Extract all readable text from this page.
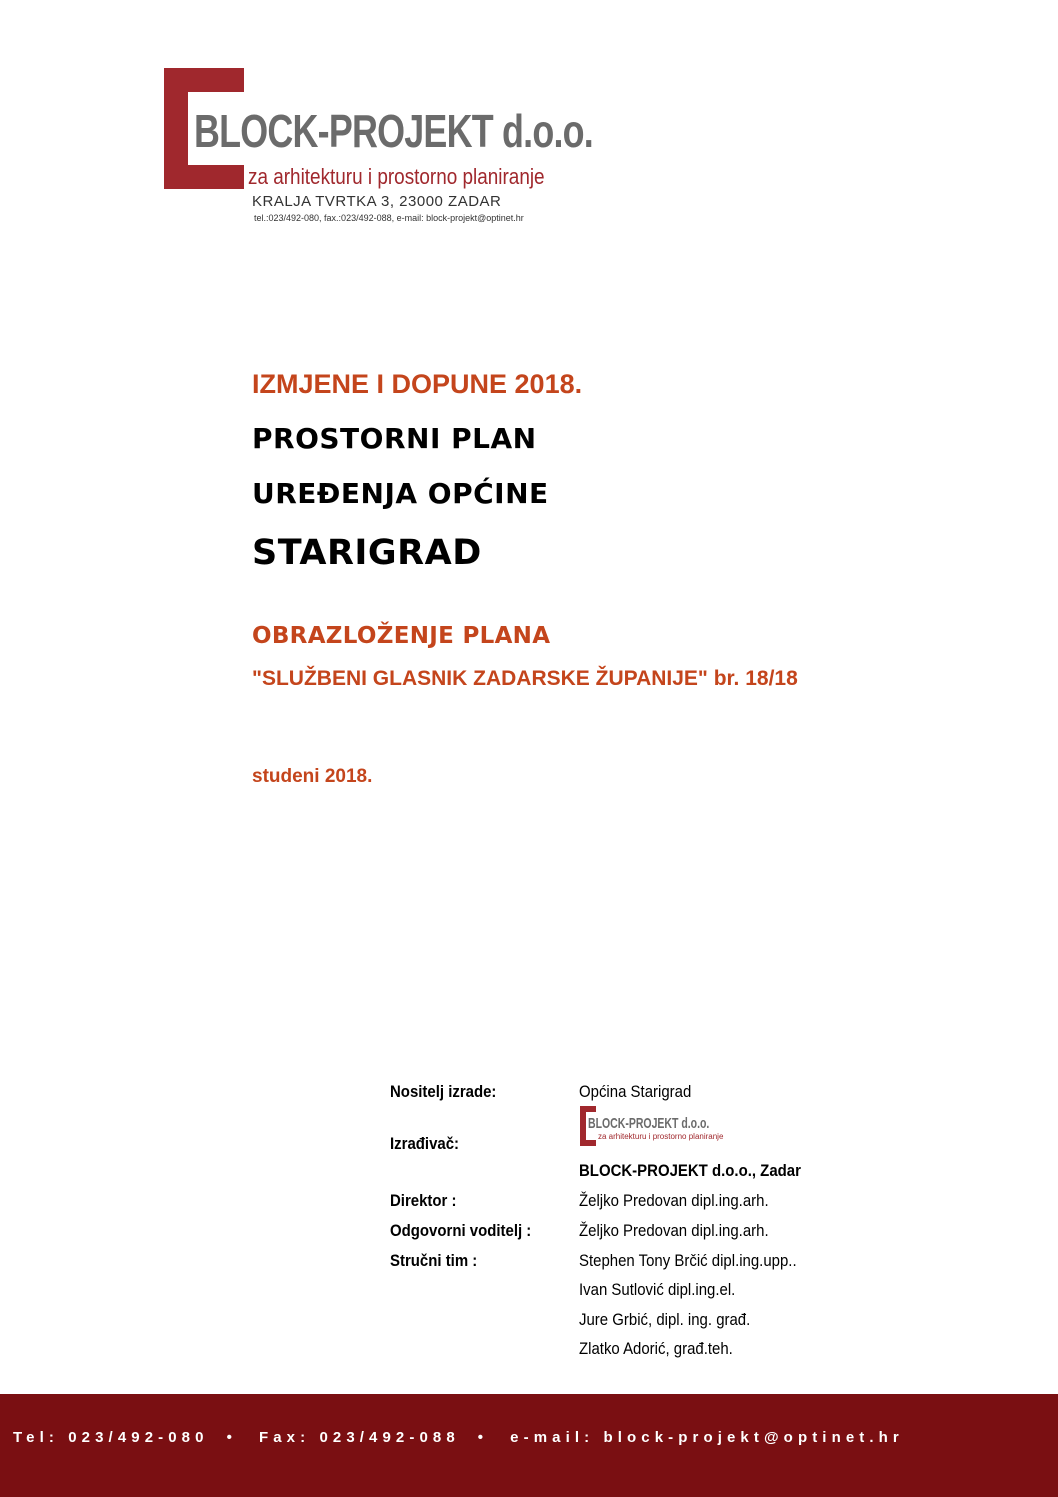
BLOCK-PROJEKT d.o.o.
za arhitekturu i prostorno planiranje
KRALJA TVRTKA 3, 23000 ZADAR
tel.:023/492-080, fax.:023/492-088, e-mail: block-projekt@optinet.hr
IZMJENE I DOPUNE 2018.
PROSTORNI PLAN
UREĐENJA OPĆINE
STARIGRAD
OBRAZLOŽENJE PLANA
"SLUŽBENI GLASNIK ZADARSKE ŽUPANIJE" br. 18/18
studeni 2018.
Nositelj izrade:	Općina Starigrad
Izrađivač:
BLOCK-PROJEKT d.o.o.
za arhitekturu i prostorno planiranje
BLOCK-PROJEKT d.o.o., Zadar
Direktor :	Željko Predovan dipl.ing.arh.
Odgovorni voditelj :	Željko Predovan dipl.ing.arh.
Stručni tim :	Stephen Tony Brčić dipl.ing.upp..
Ivan Sutlović dipl.ing.el.
Jure Grbić, dipl. ing. građ.
Zlatko Adorić, građ.teh.
Tel: 023/492-080 • Fax: 023/492-088 • e-mail: block-projekt@optinet.hr
